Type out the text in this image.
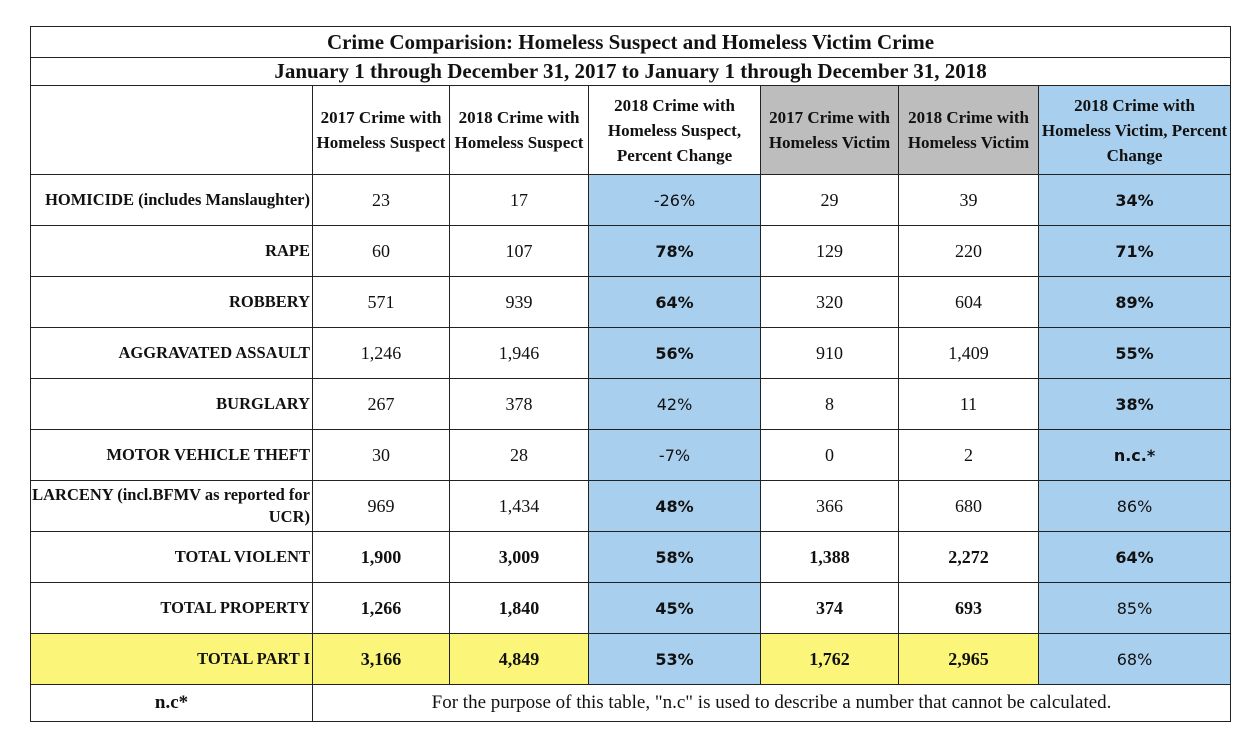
Crime Comparision: Homeless Suspect and Homeless Victim Crime						
January 1 through December 31, 2017 to January 1 through December 31, 2018						
	2017 Crime with Homeless Suspect	2018 Crime with Homeless Suspect	2018 Crime with Homeless Suspect, Percent Change	2017 Crime with Homeless Victim	2018 Crime with Homeless Victim	2018 Crime with Homeless Victim, Percent Change
HOMICIDE (includes Manslaughter)	23	17	-26%	29	39	34%
RAPE	60	107	78%	129	220	71%
ROBBERY	571	939	64%	320	604	89%
AGGRAVATED ASSAULT	1,246	1,946	56%	910	1,409	55%
BURGLARY	267	378	42%	8	11	38%
MOTOR VEHICLE THEFT	30	28	-7%	0	2	n.c.*
LARCENY (incl.BFMV as reported for UCR)	969	1,434	48%	366	680	86%
TOTAL VIOLENT	1,900	3,009	58%	1,388	2,272	64%
TOTAL PROPERTY	1,266	1,840	45%	374	693	85%
TOTAL PART I	3,166	4,849	53%	1,762	2,965	68%
n.c*	For the purpose of this table, "n.c" is used to describe a number that cannot be calculated.					
